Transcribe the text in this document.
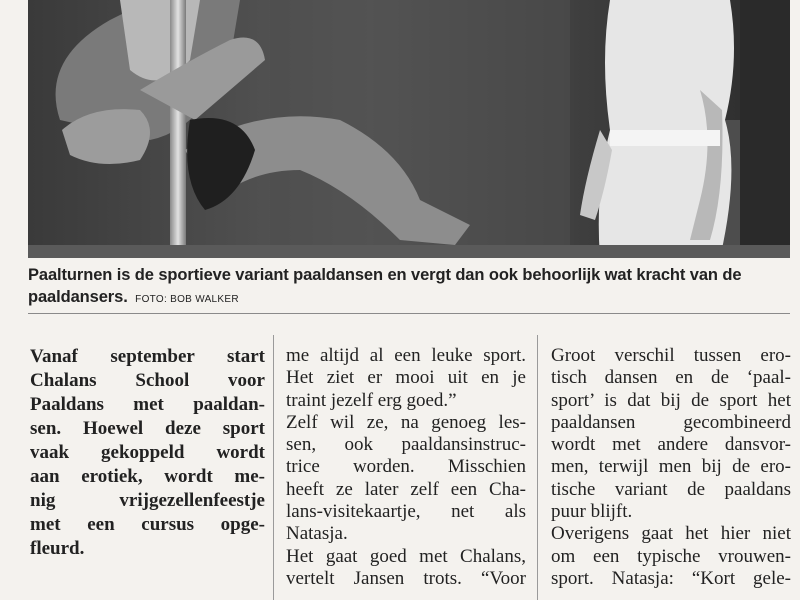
Paalturnen is de sportieve variant paaldansen en vergt dan ook behoorlijk wat kracht van de paaldansers. FOTO: BOB WALKER
Vanaf september start
Chalans School voor
Paaldans met paaldan-
sen. Hoewel deze sport
vaak gekoppeld wordt
aan erotiek, wordt me-
nig vrijgezellenfeestje
met een cursus opge-
fleurd.
me altijd al een leuke sport.
Het ziet er mooi uit en je
traint jezelf erg goed.”
Zelf wil ze, na genoeg les-
sen, ook paaldansinstruc-
trice worden. Misschien
heeft ze later zelf een Cha-
lans-visitekaartje, net als
Natasja.
Het gaat goed met Chalans,
vertelt Jansen trots. “Voor
Groot verschil tussen ero-
tisch dansen en de ‘paal-
sport’ is dat bij de sport het
paaldansen gecombineerd
wordt met andere dansvor-
men, terwijl men bij de ero-
tische variant de paaldans
puur blijft.
Overigens gaat het hier niet
om een typische vrouwen-
sport. Natasja: “Kort gele-
